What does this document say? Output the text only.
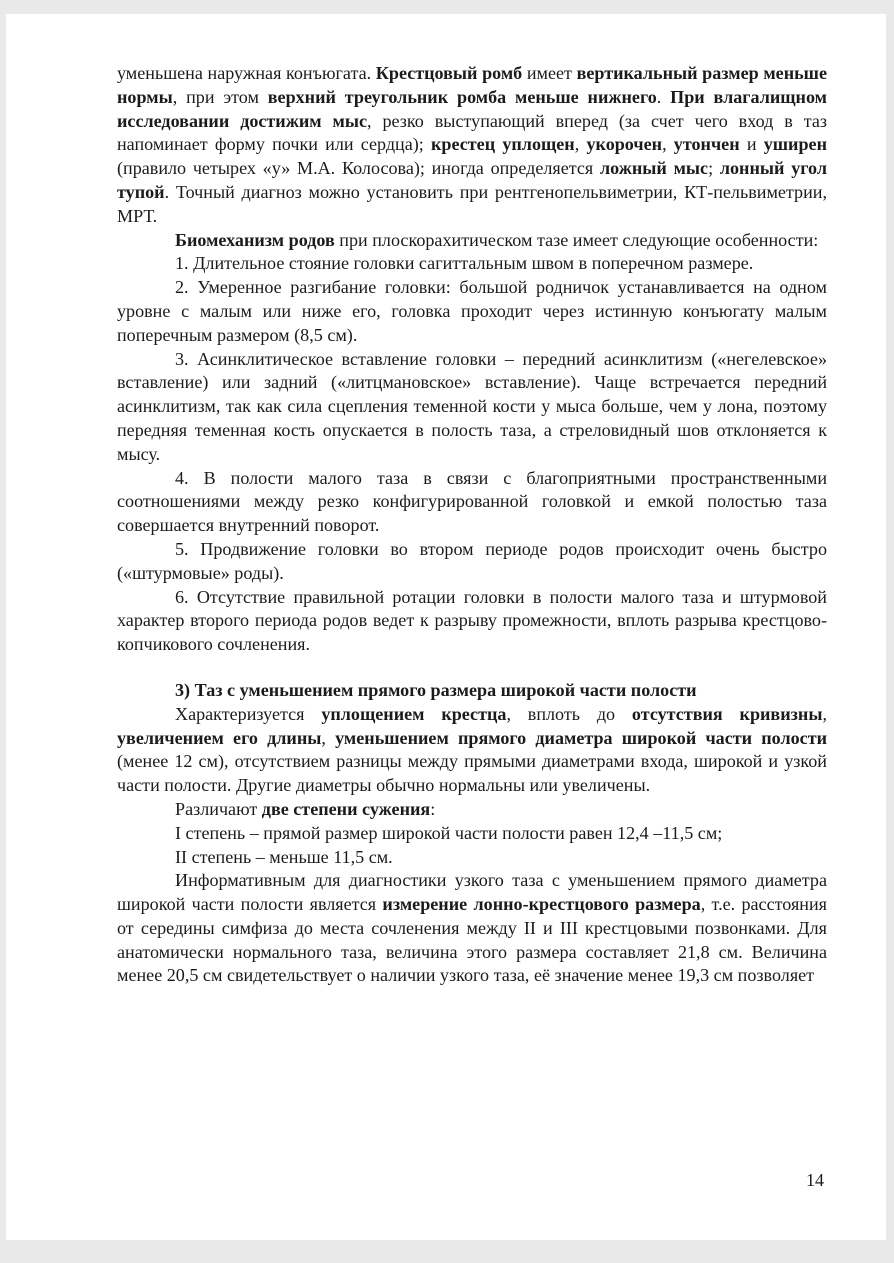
уменьшена наружная конъюгата. Крестцовый ромб имеет вертикальный размер меньше нормы, при этом верхний треугольник ромба меньше нижнего. При влагалищном исследовании достижим мыс, резко выступающий вперед (за счет чего вход в таз напоминает форму почки или сердца); крестец уплощен, укорочен, утончен и уширен (правило четырех «у» М.А. Колосова); иногда определяется ложный мыс; лонный угол тупой. Точный диагноз можно установить при рентгенопельвиметрии, КТ-пельвиметрии, МРТ.

Биомеханизм родов при плоскорахитическом тазе имеет следующие особенности:

1. Длительное стояние головки сагиттальным швом в поперечном размере.

2. Умеренное разгибание головки: большой родничок устанавливается на одном уровне с малым или ниже его, головка проходит через истинную конъюгату малым поперечным размером (8,5 см).

3. Асинклитическое вставление головки – передний асинклитизм («негелевское» вставление) или задний («литцмановское» вставление). Чаще встречается передний асинклитизм, так как сила сцепления теменной кости у мыса больше, чем у лона, поэтому передняя теменная кость опускается в полость таза, а стреловидный шов отклоняется к мысу.

4. В полости малого таза в связи с благоприятными пространственными соотношениями между резко конфигурированной головкой и емкой полостью таза совершается внутренний поворот.

5. Продвижение головки во втором периоде родов происходит очень быстро («штурмовые» роды).

6. Отсутствие правильной ротации головки в полости малого таза и штурмовой характер второго периода родов ведет к разрыву промежности, вплоть разрыва крестцово-копчикового сочленения.

3) Таз с уменьшением прямого размера широкой части полости

Характеризуется уплощением крестца, вплоть до отсутствия кривизны, увеличением его длины, уменьшением прямого диаметра широкой части полости (менее 12 см), отсутствием разницы между прямыми диаметрами входа, широкой и узкой части полости. Другие диаметры обычно нормальны или увеличены.

Различают две степени сужения:

I степень – прямой размер широкой части полости равен 12,4 –11,5 см;

II степень – меньше 11,5 см.

Информативным для диагностики узкого таза с уменьшением прямого диаметра широкой части полости является измерение лонно-крестцового размера, т.е. расстояния от середины симфиза до места сочленения между II и III крестцовыми позвонками. Для анатомически нормального таза, величина этого размера составляет 21,8 см. Величина менее 20,5 см свидетельствует о наличии узкого таза, её значение менее 19,3 см позволяет

14
